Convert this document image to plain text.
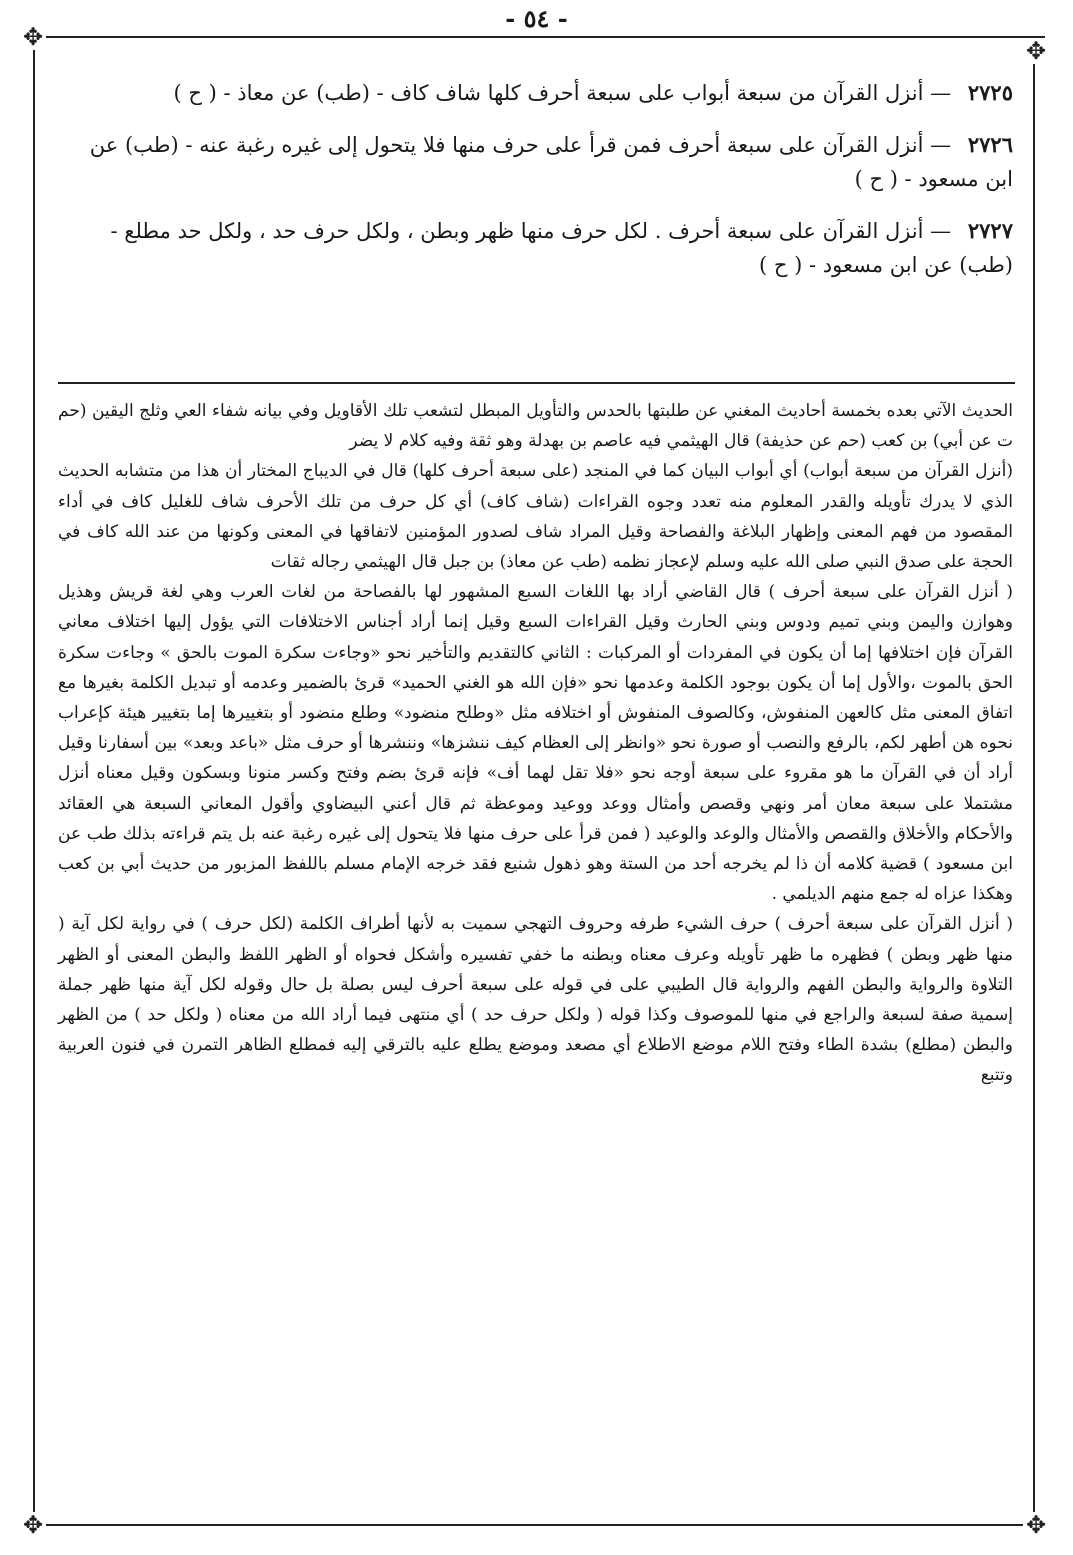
✥	✥
✥	✥
- ٥٤ -
٢٧٢٥ — أنزل القرآن من سبعة أبواب على سبعة أحرف كلها شاف كاف - (طب) عن معاذ - ( ح )
٢٧٢٦ — أنزل القرآن على سبعة أحرف فمن قرأ على حرف منها فلا يتحول إلى غيره رغبة عنه - (طب) عن ابن مسعود - ( ح )
٢٧٢٧ — أنزل القرآن على سبعة أحرف . لكل حرف منها ظهر وبطن ، ولكل حرف حد ، ولكل حد مطلع - (طب) عن ابن مسعود - ( ح )

الحديث الآتي بعده بخمسة أحاديث المغني عن طلبتها بالحدس والتأويل المبطل لتشعب تلك الأقاويل وفي بيانه شفاء العي وثلج اليقين (حم ت عن أبي) بن كعب (حم عن حذيفة) قال الهيثمي فيه عاصم بن بهدلة وهو ثقة وفيه كلام لا يضر

(أنزل القرآن من سبعة أبواب) أي أبواب البيان كما في المنجد (على سبعة أحرف كلها) قال في الديباج المختار أن هذا من متشابه الحديث الذي لا يدرك تأويله والقدر المعلوم منه تعدد وجوه القراءات (شاف كاف) أي كل حرف من تلك الأحرف شاف للغليل كاف في أداء المقصود من فهم المعنى وإظهار البلاغة والفصاحة وقيل المراد شاف لصدور المؤمنين لاتفاقها في المعنى وكونها من عند الله كاف في الحجة على صدق النبي صلى الله عليه وسلم لإعجاز نظمه (طب عن معاذ) بن جبل قال الهيثمي رجاله ثقات

( أنزل القرآن على سبعة أحرف ) قال القاضي أراد بها اللغات السبع المشهور لها بالفصاحة من لغات العرب وهي لغة قريش وهذيل وهوازن واليمن وبني تميم ودوس وبني الحارث وقيل القراءات السبع وقيل إنما أراد أجناس الاختلافات التي يؤول إليها اختلاف معاني القرآن فإن اختلافها إما أن يكون في المفردات أو المركبات : الثاني كالتقديم والتأخير نحو «وجاءت سكرة الموت بالحق » وجاءت سكرة الحق بالموت ،والأول إما أن يكون بوجود الكلمة وعدمها نحو «فإن الله هو الغني الحميد» قرئ بالضمير وعدمه أو تبديل الكلمة بغيرها مع اتفاق المعنى مثل كالعهن المنفوش، وكالصوف المنفوش أو اختلافه مثل «وطلح منضود» وطلع منضود أو بتغييرها إما بتغيير هيئة كإعراب نحوه هن أطهر لكم، بالرفع والنصب أو صورة نحو «وانظر إلى العظام كيف ننشزها» وننشرها أو حرف مثل «باعد وبعد» بين أسفارنا وقيل أراد أن في القرآن ما هو مقروء على سبعة أوجه نحو «فلا تقل لهما أف» فإنه قرئ بضم وفتح وكسر منونا وبسكون وقيل معناه أنزل مشتملا على سبعة معان أمر ونهي وقصص وأمثال ووعد ووعيد وموعظة ثم قال أعني البيضاوي وأقول المعاني السبعة هي العقائد والأحكام والأخلاق والقصص والأمثال والوعد والوعيد ( فمن قرأ على حرف منها فلا يتحول إلى غيره رغبة عنه بل يتم قراءته بذلك طب عن ابن مسعود ) قضية كلامه أن ذا لم يخرجه أحد من الستة وهو ذهول شنيع فقد خرجه الإمام مسلم باللفظ المزبور من حديث أبي بن كعب وهكذا عزاه له جمع منهم الديلمي .

( أنزل القرآن على سبعة أحرف ) حرف الشيء طرفه وحروف التهجي سميت به لأنها أطراف الكلمة (لكل حرف ) في رواية لكل آية ( منها ظهر وبطن ) فظهره ما ظهر تأويله وعرف معناه وبطنه ما خفي تفسيره وأشكل فحواه أو الظهر اللفظ والبطن المعنى أو الظهر التلاوة والرواية والبطن الفهم والرواية قال الطيبي على في قوله على سبعة أحرف ليس بصلة بل حال وقوله لكل آية منها ظهر جملة إسمية صفة لسبعة والراجع في منها للموصوف وكذا قوله ( ولكل حرف حد ) أي منتهى فيما أراد الله من معناه ( ولكل حد ) من الظهر والبطن (مطلع) بشدة الطاء وفتح اللام موضع الاطلاع أي مصعد وموضع يطلع عليه بالترقي إليه فمطلع الظاهر التمرن في فنون العربية وتتبع
